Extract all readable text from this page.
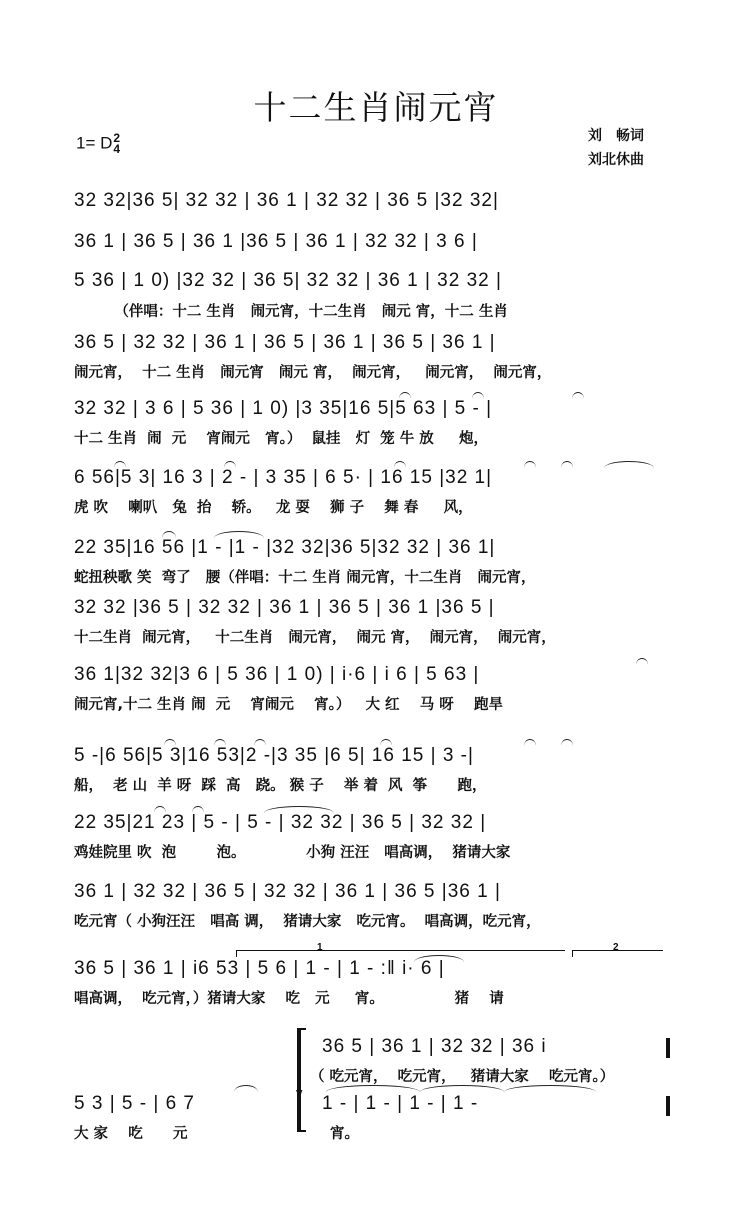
十二生肖闹元宵
1= D2
4
刘　畅词
刘北休曲
32 32|36 5| 32 32 | 36 1 | 32 32 | 36 5 |32 32|
36 1 | 36 5 | 36 1 |36 5 | 36 1 | 32 32 | 3 6 |
5 36 | 1 0) |32 32 | 36 5| 32 32 | 36 1 | 32 32 |
（伴唱：十二 生肖   闹元宵，十二生肖   闹元 宵，十二 生肖
36 5 | 32 32 | 36 1 | 36 5 | 36 1 | 36 5 | 36 1 |
闹元宵，  十二 生肖   闹元宵   闹元 宵，  闹元宵，   闹元宵，  闹元宵，
32 32 | 3 6 | 5 36 | 1 0) |3 35|16 5|5 63 | 5 - |
十二 生肖  闹  元    宵闹元   宵。）  鼠挂   灯  笼 牛 放     炮，
6 56|5 3| 16 3 | 2 - | 3 35 | 6 5· | 16 15 |32 1|
虎 吹    喇叭   兔  抬    轿。   龙 耍    狮 子    舞 春     风，
22 35|16 56 |1 - |1 - |32 32|36 5|32 32 | 36 1|
蛇扭秧歌 笑  弯了   腰（伴唱：十二 生肖 闹元宵，十二生肖   闹元宵，
32 32 |36 5 | 32 32 | 36 1 | 36 5 | 36 1 |36 5 |
十二生肖  闹元宵，   十二生肖   闹元宵，  闹元 宵，  闹元宵，  闹元宵，
36 1|32 32|3 6 | 5 36 | 1 0) | i·6 | i 6 | 5 63 |
闹元宵,十二 生肖 闹  元    宵闹元    宵。）   大 红    马 呀    跑旱
5 -|6 56|5 3|16 53|2 -|3 35 |6 5| 16 15 | 3 -|
船，  老 山  羊 呀  踩  高   跷。 猴 子    举 着  风  筝      跑，
22 35|21 23 | 5 - | 5 - | 32 32 | 36 5 | 32 32 |
鸡娃院里 吹  泡        泡。            小狗 汪汪   唱高调，  猪请大家
36 1 | 32 32 | 36 5 | 32 32 | 36 1 | 36 5 |36 1 |
吃元宵（ 小狗汪汪   唱高 调，  猪请大家   吃元宵。  唱高调，吃元宵，
36 5 | 36 1 | i6 53 | 5 6 | 1 - | 1 - :‖ i· 6 |
唱高调，  吃元宵，）猪请大家    吃   元     宵。              猪    请
1	2
5 3 | 5 - | 6 7
大 家    吃      元
v
36 5 | 36 1 | 32 32 | 36 i
（ 吃元宵，  吃元宵，   猪请大家    吃元宵。）
1 - | 1 - | 1 - | 1 -
宵。
